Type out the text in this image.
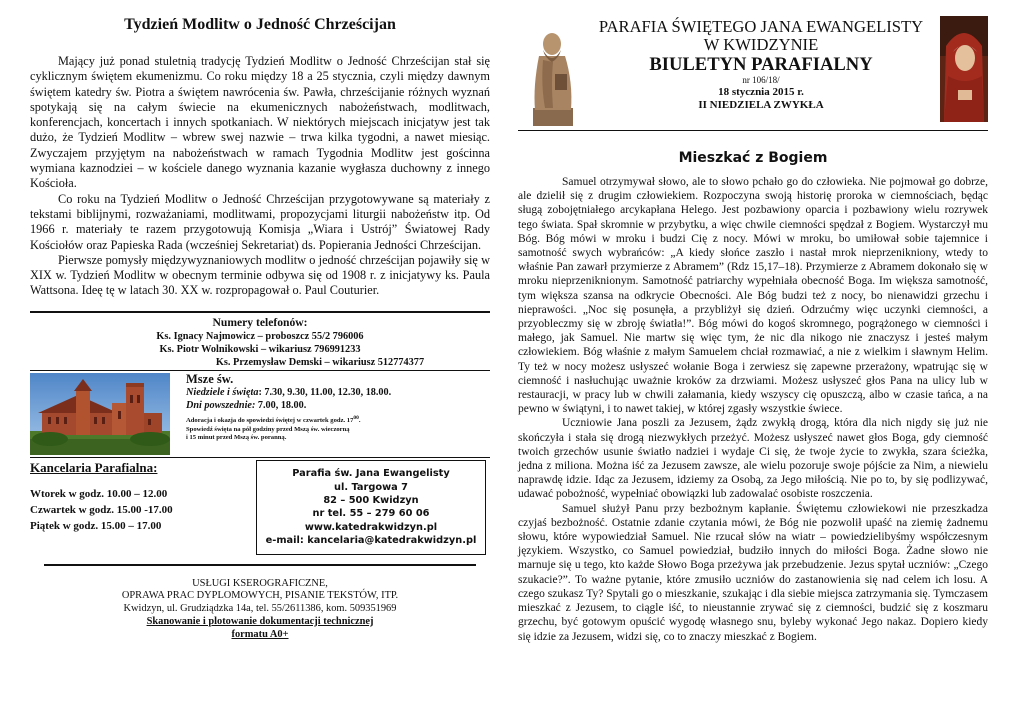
Tydzień Modlitw o Jedność Chrześcijan

Mający już ponad stuletnią tradycję Tydzień Modlitw o Jedność Chrześcijan stał się cyklicznym świętem ekumenizmu. Co roku między 18 a 25 stycznia, czyli między dawnym świętem katedry św. Piotra a świętem nawrócenia św. Pawła, chrześcijanie różnych wyznań spotykają się na całym świecie na ekumenicznych nabożeństwach, modlitwach, konferencjach, koncertach i innych spotkaniach. W niektórych miejscach inicjatyw jest tak dużo, że Tydzień Modlitw – wbrew swej nazwie – trwa kilka tygodni, a nawet miesiąc. Zwyczajem przyjętym na nabożeństwach w ramach Tygodnia Modlitw jest gościnna wymiana kaznodziei – w kościele danego wyznania kazanie wygłasza duchowny z innego Kościoła.

Co roku na Tydzień Modlitw o Jedność Chrześcijan przygotowywane są materiały z tekstami biblijnymi, rozważaniami, modlitwami, propozycjami liturgii nabożeństw itp. Od 1966 r. materiały te razem przygotowują Komisja „Wiara i Ustrój” Światowej Rady Kościołów oraz Papieska Rada (wcześniej Sekretariat) ds. Popierania Jedności Chrześcijan.

Pierwsze pomysły międzywyznaniowych modlitw o jedność chrześcijan pojawiły się w XIX w. Tydzień Modlitw w obecnym terminie odbywa się od 1908 r. z inicjatywy ks. Paula Wattsona. Ideę tę w latach 30. XX w. rozpropagował o. Paul Couturier.

Numery telefonów:
Ks. Ignacy Najmowicz – proboszcz 55/2 796006
Ks. Piotr Wolnikowski – wikariusz 796991233
Ks. Przemysław Demski – wikariusz 512774377
Msze św.
Niedziele i święta: 7.30, 9.30, 11.00, 12.30, 18.00.
Dni powszednie: 7.00, 18.00.
Adoracja i okazja do spowiedzi świętej w czwartek godz. $17^{00}$.
Spowiedź święta na pół godziny przed Mszą św. wieczorną
i 15 minut przed Mszą św. poranną.
Kancelaria Parafialna:
Wtorek w godz. 10.00 – 12.00
Czwartek w godz. 15.00 -17.00
Piątek w godz. 15.00 – 17.00
Parafia św. Jana Ewangelisty
ul. Targowa 7
82 – 500 Kwidzyn
nr tel. 55 – 279 60 06
www.katedrakwidzyn.pl
e-mail: kancelaria@katedrakwidzyn.pl
USŁUGI KSEROGRAFICZNE,
OPRAWA PRAC DYPLOMOWYCH, PISANIE TEKSTÓW, ITP.
Kwidzyn, ul. Grudziądzka 14a, tel. 55/2611386, kom. 509351969
Skanowanie i plotowanie dokumentacji technicznej
formatu A0+
PARAFIA ŚWIĘTEGO JANA EWANGELISTY
W KWIDZYNIE
BIULETYN PARAFIALNY
nr 106/18/
18 stycznia 2015 r.
II NIEDZIELA ZWYKŁA
Mieszkać z Bogiem

Samuel otrzymywał słowo, ale to słowo pchało go do człowieka. Nie pojmował go dobrze, ale dzielił się z drugim człowiekiem. Rozpoczyna swoją historię proroka w ciemnościach, będąc sługą zobojętniałego arcykapłana Helego. Jest pozbawiony oparcia i pozbawiony wielu rozrywek tego świata. Spał skromnie w przybytku, a więc chwile ciemności spędzał z Bogiem. Wystarczył mu Bóg. Bóg mówi w mroku i budzi Cię z nocy. Mówi w mroku, bo umiłował sobie tajemnice i samotność swych wybrańców: „A kiedy słońce zaszło i nastał mrok nieprzenikniony, wtedy to właśnie Pan zawarł przymierze z Abramem” (Rdz 15,17–18). Przymierze z Abramem dokonało się w mroku nieprzeniknionym. Samotność patriarchy wypełniała obecność Boga. Im większa samotność, tym większa szansa na odkrycie Obecności. Ale Bóg budzi też z nocy, bo nienawidzi grzechu i nieprawości. „Noc się posunęła, a przybliżył się dzień. Odrzućmy więc uczynki ciemności, a przyobleczmy się w zbroję światła!”. Bóg mówi do kogoś skromnego, pogrążonego w ciemności i małego, jak Samuel. Nie martw się więc tym, że nic dla nikogo nie znaczysz i jesteś małym człowiekiem. Bóg właśnie z małym Samuelem chciał rozmawiać, a nie z wielkim i sławnym Helim. Ty też w nocy możesz usłyszeć wołanie Boga i zerwiesz się zapewne przerażony, wpatrując się w ciemność i nasłuchując uważnie kroków za drzwiami. Możesz usłyszeć głos Pana na ulicy lub w restauracji, w pracy lub w chwili załamania, kiedy wszyscy cię opuszczą, albo w czasie tańca, a na pewno w świątyni, i to nawet takiej, w której zgasły wszystkie świece.

Uczniowie Jana poszli za Jezusem, żądz zwykłą drogą, która dla nich nigdy się już nie skończyła i stała się drogą niezwykłych przeżyć. Możesz usłyszeć nawet głos Boga, gdy ciemność twoich grzechów usunie światło nadziei i wydaje Ci się, że twoje życie to zwykła, szara ścieżka, jedna z miliona. Można iść za Jezusem zawsze, ale wielu pozoruje swoje pójście za Nim, a niewielu naprawdę idzie. Idąc za Jezusem, idziemy za Osobą, za Jego miłością. Nie po to, by się podlizywać, udawać pobożność, wypełniać obowiązki lub zadowalać osobiste roszczenia.

Samuel służył Panu przy bezbożnym kapłanie. Świętemu człowiekowi nie przeszkadza czyjaś bezbożność. Ostatnie zdanie czytania mówi, że Bóg nie pozwolił upaść na ziemię żadnemu słowu, które wypowiedział Samuel. Nie rzucał słów na wiatr – powiedzielibyśmy współczesnym językiem. Wszystko, co Samuel powiedział, budziło innych do miłości Boga. Żadne słowo nie marnuje się u tego, kto każde Słowo Boga przeżywa jak przebudzenie. Jezus spytał uczniów: „Czego szukacie?”. To ważne pytanie, które zmusiło uczniów do zastanowienia się nad celem ich losu. A czego szukasz Ty? Spytali go o mieszkanie, szukając i dla siebie miejsca zatrzymania się. Tymczasem mieszkać z Jezusem, to ciągle iść, to nieustannie zrywać się z ciemności, budzić się z koszmaru grzechu, być gotowym opuścić wygodę własnego snu, byleby wykonać Jego nakaz. Dopiero kiedy się idzie za Jezusem, widzi się, co to znaczy mieszkać z Bogiem.
